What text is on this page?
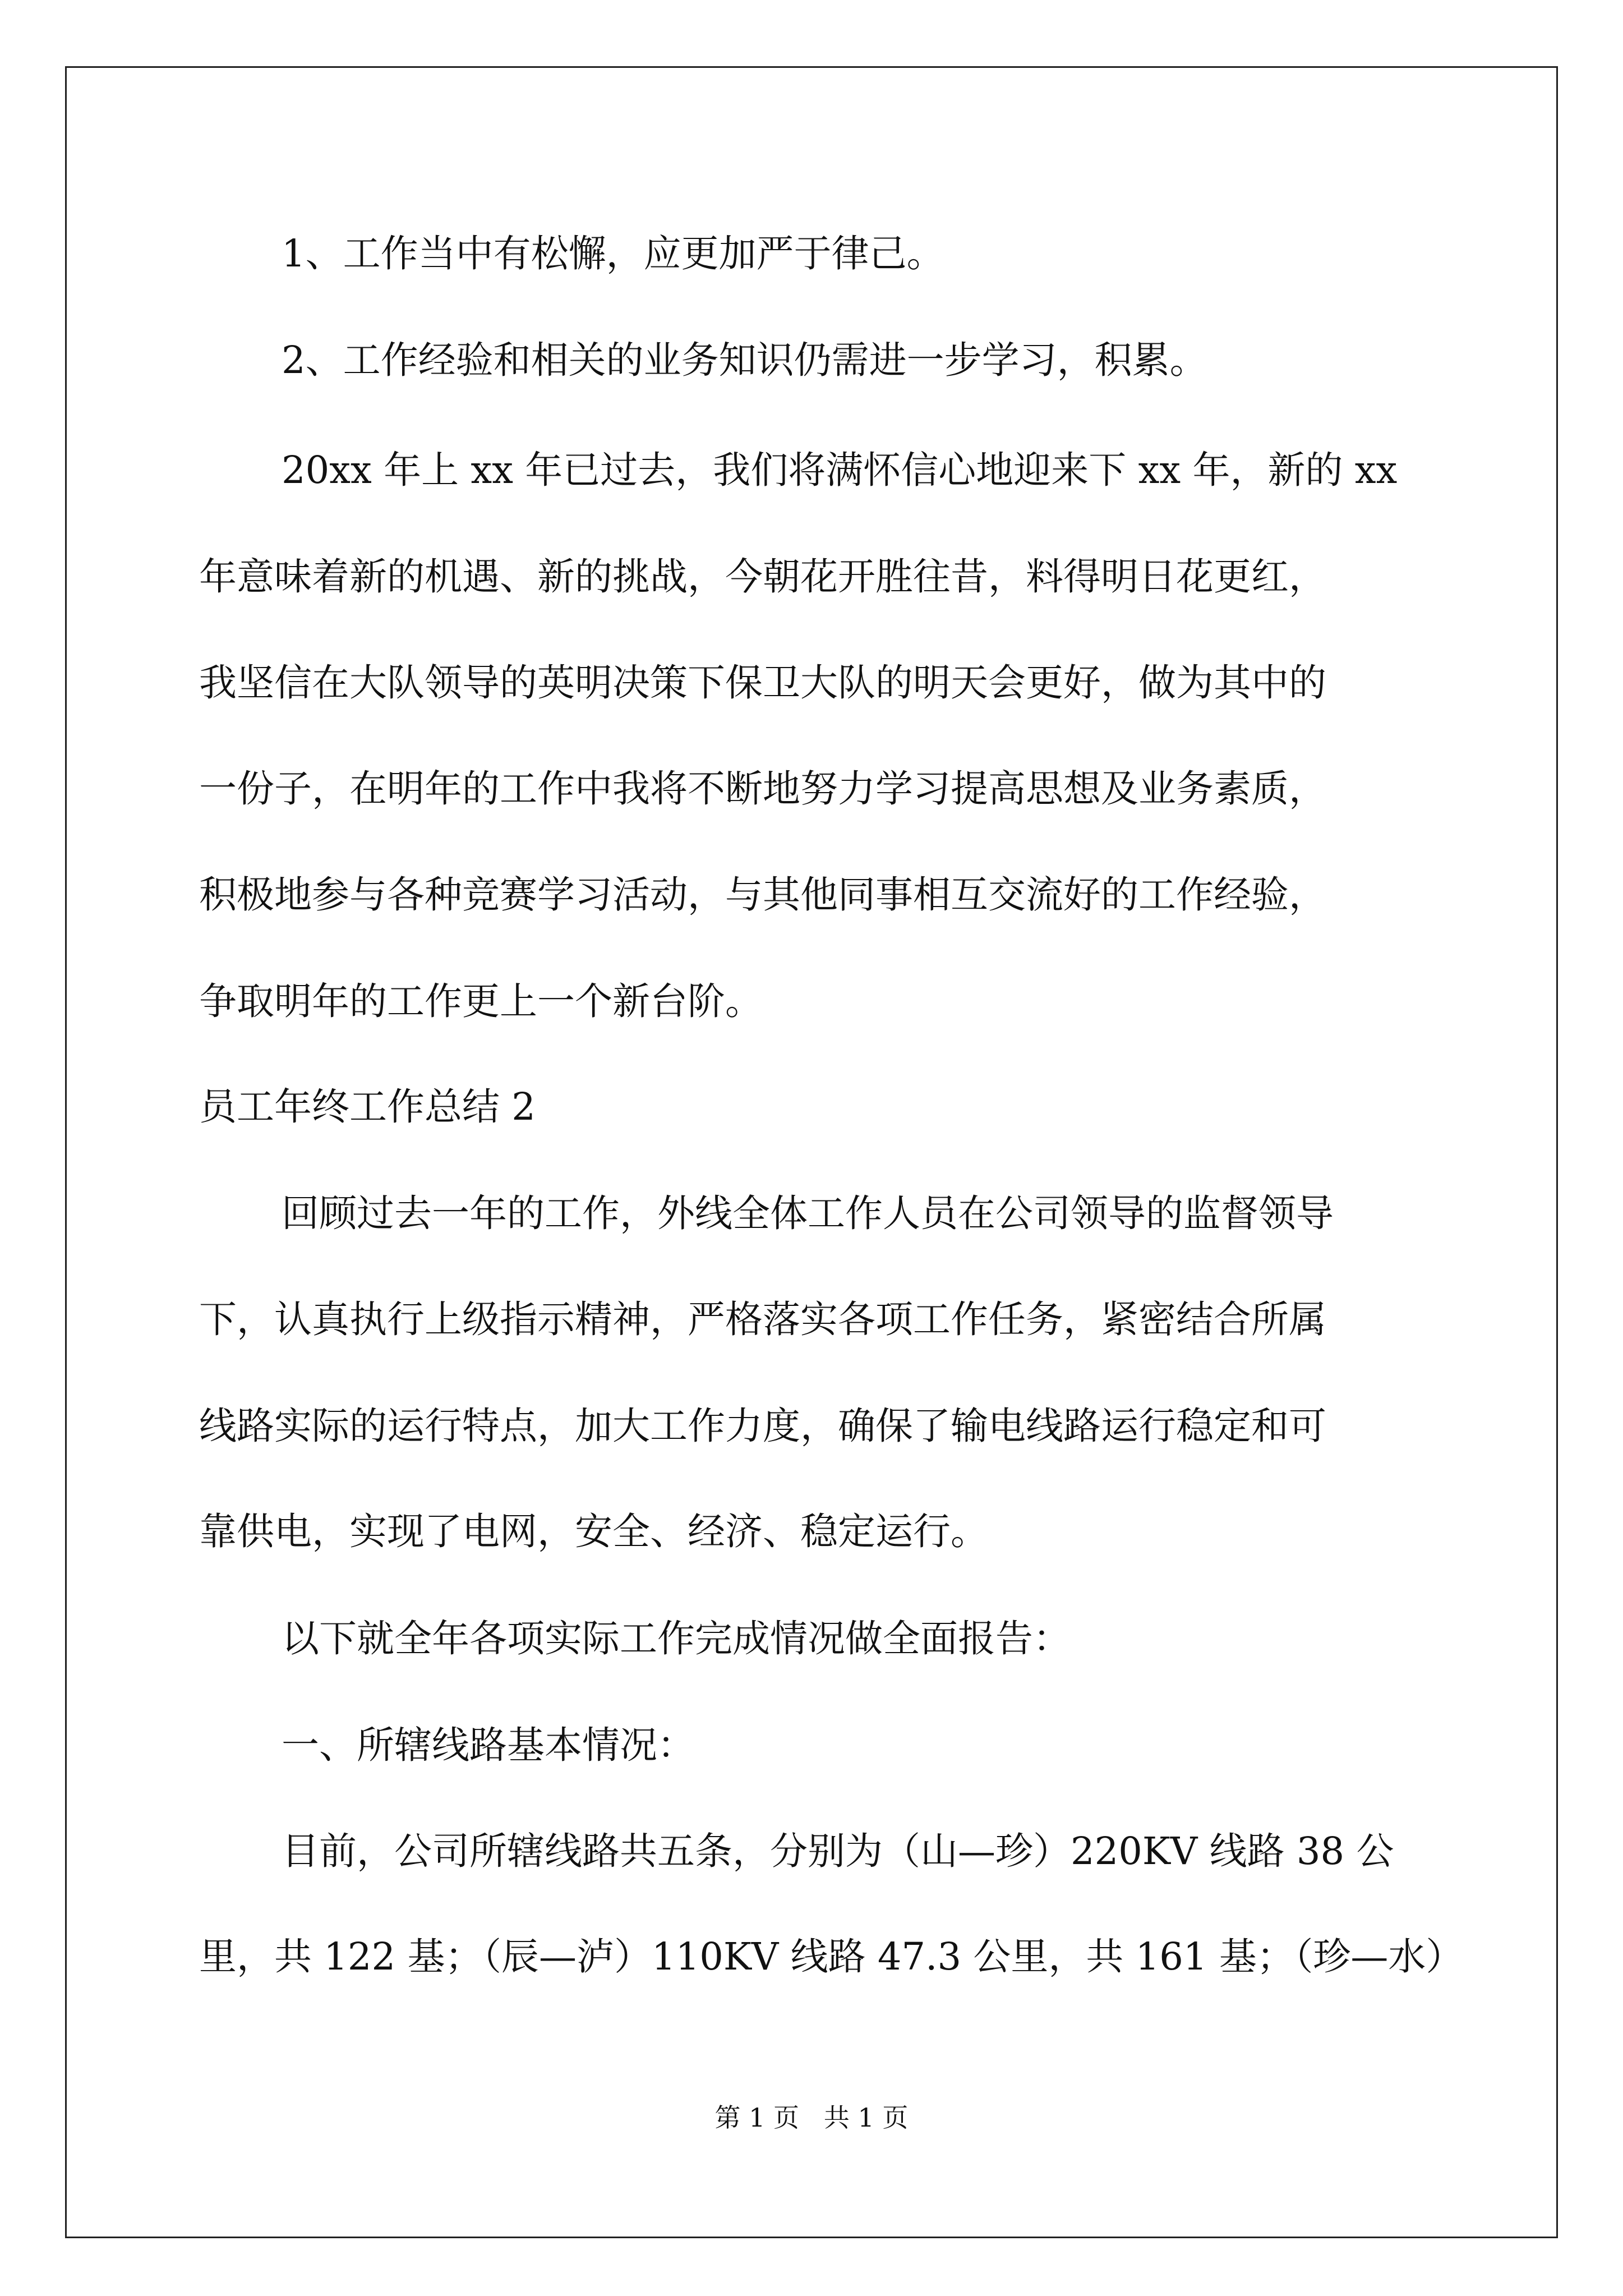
1、工作当中有松懈，应更加严于律己。
2、工作经验和相关的业务知识仍需进一步学习，积累。
20xx 年上 xx 年已过去，我们将满怀信心地迎来下 xx 年，新的 xx
年意味着新的机遇、新的挑战，今朝花开胜往昔，料得明日花更红，
我坚信在大队领导的英明决策下保卫大队的明天会更好，做为其中的
一份子，在明年的工作中我将不断地努力学习提高思想及业务素质，
积极地参与各种竞赛学习活动，与其他同事相互交流好的工作经验，
争取明年的工作更上一个新台阶。
员工年终工作总结 2
回顾过去一年的工作，外线全体工作人员在公司领导的监督领导
下，认真执行上级指示精神，严格落实各项工作任务，紧密结合所属
线路实际的运行特点，加大工作力度，确保了输电线路运行稳定和可
靠供电，实现了电网，安全、经济、稳定运行。
以下就全年各项实际工作完成情况做全面报告：
一、所辖线路基本情况：
目前，公司所辖线路共五条，分别为（山—珍）220KV 线路 38 公
里，共 122 基；（辰—泸）110KV 线路 47.3 公里，共 161 基；（珍—水）
第 1 页   共 1 页
